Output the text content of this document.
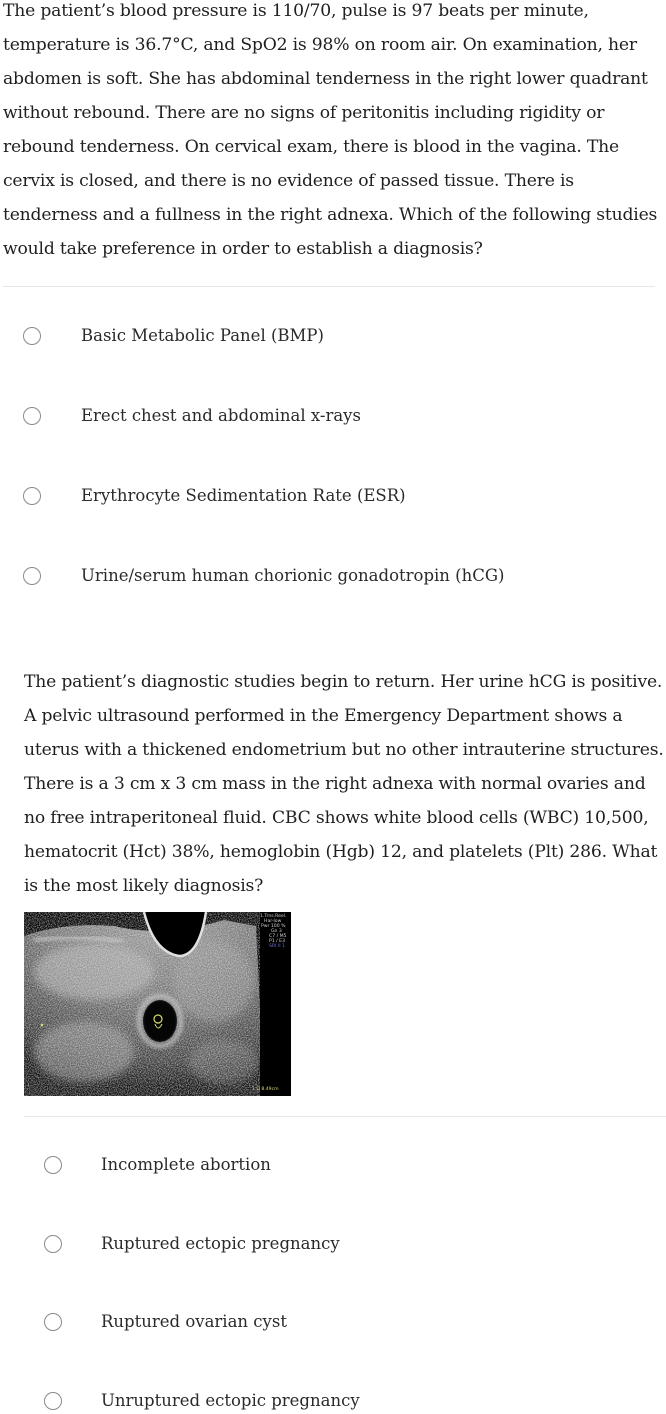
The patient’s blood pressure is 110/70, pulse is 97 beats per minute, temperature is 36.7°C, and SpO2 is 98% on room air. On examination, her abdomen is soft. She has abdominal tenderness in the right lower quadrant without rebound. There are no signs of peritonitis including rigidity or rebound tenderness. On cervical exam, there is blood in the vagina. The cervix is closed, and there is no evidence of passed tissue. There is tenderness and a fullness in the right adnexa. Which of the following studies would take preference in order to establish a diagnosis?

Basic Metabolic Panel (BMP)
Erect chest and abdominal x-rays
Erythrocyte Sedimentation Rate (ESR)
Urine/serum human chorionic gonadotropin (hCG)

The patient’s diagnostic studies begin to return. Her urine hCG is positive. A pelvic ultrasound performed in the Emergency Department shows a uterus with a thickened endometrium but no other intrauterine structures. There is a 3 cm x 3 cm mass in the right adnexa with normal ovaries and no free intraperitoneal fluid. CBC shows white blood cells (WBC) 10,500, hematocrit (Hct) 38%, hemoglobin (Hgb) 12, and platelets (Plt) 286. What is the most likely diagnosis?

1.Trns.Reel.
Har-low
Pwr 100 %
Gn 3
C7 / M5
P1 / E3
SRI II 1
1 D 8.49cm
Incomplete abortion
Ruptured ectopic pregnancy
Ruptured ovarian cyst
Unruptured ectopic pregnancy
